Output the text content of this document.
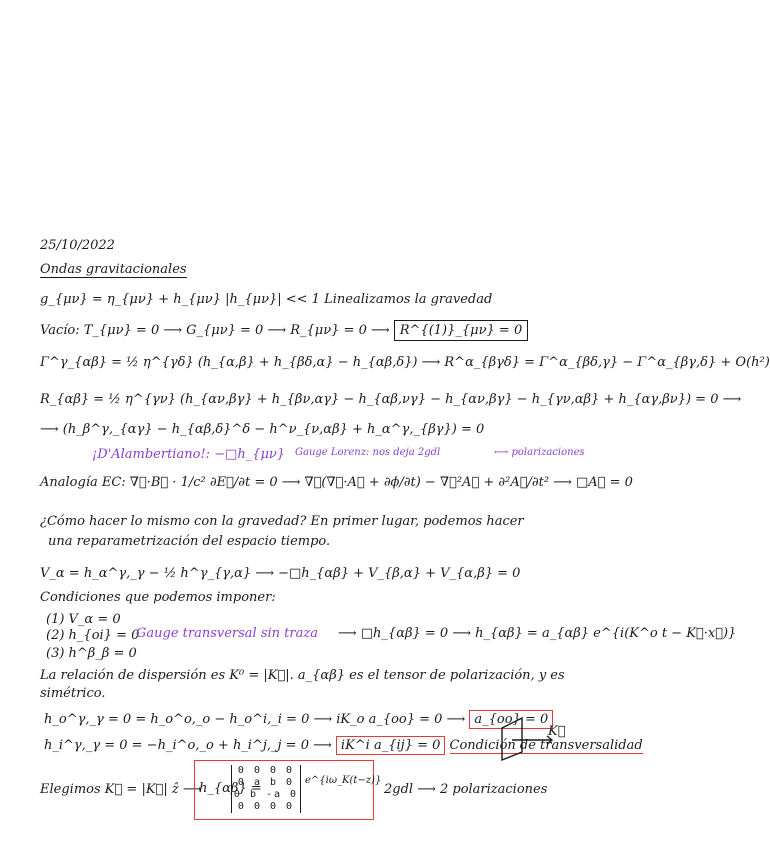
25/10/2022
Ondas gravitacionales
g_{μν} = η_{μν} + h_{μν} |h_{μν}| << 1 Linealizamos la gravedad
Vacío: T_{μν} = 0 ⟶ G_{μν} = 0 ⟶ R_{μν} = 0 ⟶ R^{(1)}_{μν} = 0
Γ^γ_{αβ} = ½ η^{γδ} (h_{α,β} + h_{βδ,α} − h_{αβ,δ}) ⟶ R^α_{βγδ} = Γ^α_{βδ,γ} − Γ^α_{βγ,δ} + O(h²)
R_{αβ} = ½ η^{γν} (h_{αν,βγ} + h_{βν,αγ} − h_{αβ,νγ} − h_{αν,βγ} − h_{γν,αβ} + h_{αγ,βν}) = 0 ⟶
⟶ (h_β^γ,_{αγ} − h_{αβ,δ}^δ − h^ν_{ν,αβ} + h_α^γ,_{βγ}) = 0
¡D'Alambertiano!: −□h_{μν} Gauge Lorenz: nos deja 2gdl	⟷ polarizaciones
Analogía EC: ∇⃗·B⃗ · 1/c² ∂E⃗/∂t = 0 ⟶ ∇⃗(∇⃗·A⃗ + ∂ϕ/∂t) − ∇⃗²A⃗ + ∂²A⃗/∂t² ⟶ □A⃗ = 0
¿Cómo hacer lo mismo con la gravedad? En primer lugar, podemos hacer
una reparametrización del espacio tiempo.
V_α = h_α^γ,_γ − ½ h^γ_{γ,α} ⟶ −□h_{αβ} + V_{β,α} + V_{α,β} = 0
Condiciones que podemos imponer:
(1) V_α = 0
(2) h_{oi} = 0
(3) h^β_β = 0
Gauge transversal sin traza ⟶ □h_{αβ} = 0 ⟶ h_{αβ} = a_{αβ} e^{i(K^o t − K⃗·x⃗)}
La relación de dispersión es K⁰ = |K⃗|. a_{αβ} es el tensor de polarización, y es
simétrico.
h_o^γ,_γ = 0 = h_o^o,_o − h_o^i,_i = 0 ⟶ iK_o a_{oo} = 0 ⟶ a_{oo} = 0
h_i^γ,_γ = 0 = −h_i^o,_o + h_i^j,_j = 0 ⟶ iK^i a_{ij} = 0 Condición de transversalidad
K⃗
Elegimos K⃗ = |K⃗| ẑ ⟶
h_{αβ} =
0 0 0 0
0 a b 0
0 b -a 0
0 0 0 0
e^{iω_K(t−z)}
2gdl ⟶ 2 polarizaciones
